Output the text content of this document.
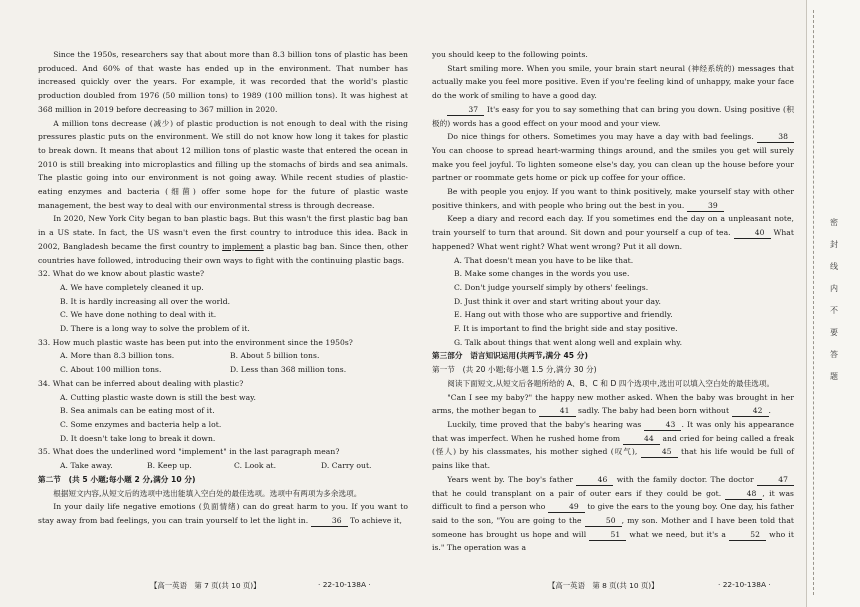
Since the 1950s, researchers say that about more than 8.3 billion tons of plastic has been produced. And 60% of that waste has ended up in the environment. That number has increased quickly over the years. For example, it was recorded that the world's plastic production doubled from 1976 (50 million tons) to 1989 (100 million tons). It was highest at 368 million in 2019 before decreasing to 367 million in 2020.

A million tons decrease (减少) of plastic production is not enough to deal with the rising pressures plastic puts on the environment. We still do not know how long it takes for plastic to break down. It means that about 12 million tons of plastic waste that entered the ocean in 2010 is still breaking into microplastics and filling up the stomachs of birds and sea animals. The plastic going into our environment is not going away. While recent studies of plastic-eating enzymes and bacteria (细菌) offer some hope for the future of plastic waste management, the best way to deal with our environmental stress is through decrease.

In 2020, New York City began to ban plastic bags. But this wasn't the first plastic bag ban in a US state. In fact, the US wasn't even the first country to introduce this idea. Back in 2002, Bangladesh became the first country to implement a plastic bag ban. Since then, other countries have followed, introducing their own ways to fight with the continuing plastic bags.

32. What do we know about plastic waste?
A. We have completely cleaned it up.
B. It is hardly increasing all over the world.
C. We have done nothing to deal with it.
D. There is a long way to solve the problem of it.
33. How much plastic waste has been put into the environment since the 1950s?
A. More than 8.3 billion tons.	B. About 5 billion tons.
C. About 100 million tons.	D. Less than 368 million tons.
34. What can be inferred about dealing with plastic?
A. Cutting plastic waste down is still the best way.
B. Sea animals can be eating most of it.
C. Some enzymes and bacteria help a lot.
D. It doesn't take long to break it down.
35. What does the underlined word "implement" in the last paragraph mean?
A. Take away.	B. Keep up.	C. Look at.	D. Carry out.
第二节　(共 5 小题;每小题 2 分,满分 10 分)

根据短文内容,从短文后的选项中选出能填入空白处的最佳选项。选项中有两项为多余选项。

In your daily life negative emotions (负面情绪) can do great harm to you. If you want to stay away from bad feelings, you can train yourself to let the light in.	36 To achieve it,

【高一英语　第 7 页(共 10 页)】	· 22-10-138A ·

you should keep to the following points.

Start smiling more. When you smile, your brain start neural (神经系统的) messages that actually make you feel more positive. Even if you're feeling kind of unhappy, make your face do the work of smiling to have a good day.

37 It's easy for you to say something that can bring you down. Using positive (积极的) words has a good effect on your mood and your view.

Do nice things for others. Sometimes you may have a day with bad feelings.	38 You can choose to spread heart-warming things around, and the smiles you get will surely make you feel joyful. To lighten someone else's day, you can clean up the house before your partner or roommate gets home or pick up coffee for your office.

Be with people you enjoy. If you want to think positively, make yourself stay with other positive thinkers, and with people who bring out the best in you.	39

Keep a diary and record each day. If you sometimes end the day on a unpleasant note, train yourself to turn that around. Sit down and pour yourself a cup of tea.	40 What happened? What went right? What went wrong? Put it all down.

A. That doesn't mean you have to be like that.
B. Make some changes in the words you use.
C. Don't judge yourself simply by others' feelings.
D. Just think it over and start writing about your day.
E. Hang out with those who are supportive and friendly.
F. It is important to find the bright side and stay positive.
G. Talk about things that went along well and explain why.
第三部分　语言知识运用(共两节,满分 45 分)
第一节　(共 20 小题;每小题 1.5 分,满分 30 分)

阅读下面短文,从短文后各题所给的 A、B、C 和 D 四个选项中,选出可以填入空白处的最佳选项。

"Can I see my baby?" the happy new mother asked. When the baby was brought in her arms, the mother began to	41 sadly. The baby had been born without	42 .

Luckily, time proved that the baby's hearing was	43 . It was only his appearance that was imperfect. When he rushed home from	44 and cried for being called a freak (怪人) by his classmates, his mother sighed (叹气),	45 that his life would be full of pains like that.

Years went by. The boy's father	46 with the family doctor. The doctor	47 that he could transplant on a pair of outer ears if they could be got.	48 , it was difficult to find a person who	49 to give the ears to the young boy. One day, his father said to the son, "You are going to the	50 , my son. Mother and I have been told that someone has brought us hope and will	51 what we need, but it's a	52 who it is." The operation was a

【高一英语　第 8 页(共 10 页)】	· 22-10-138A ·
密
封
线
内
不
要
答
题
